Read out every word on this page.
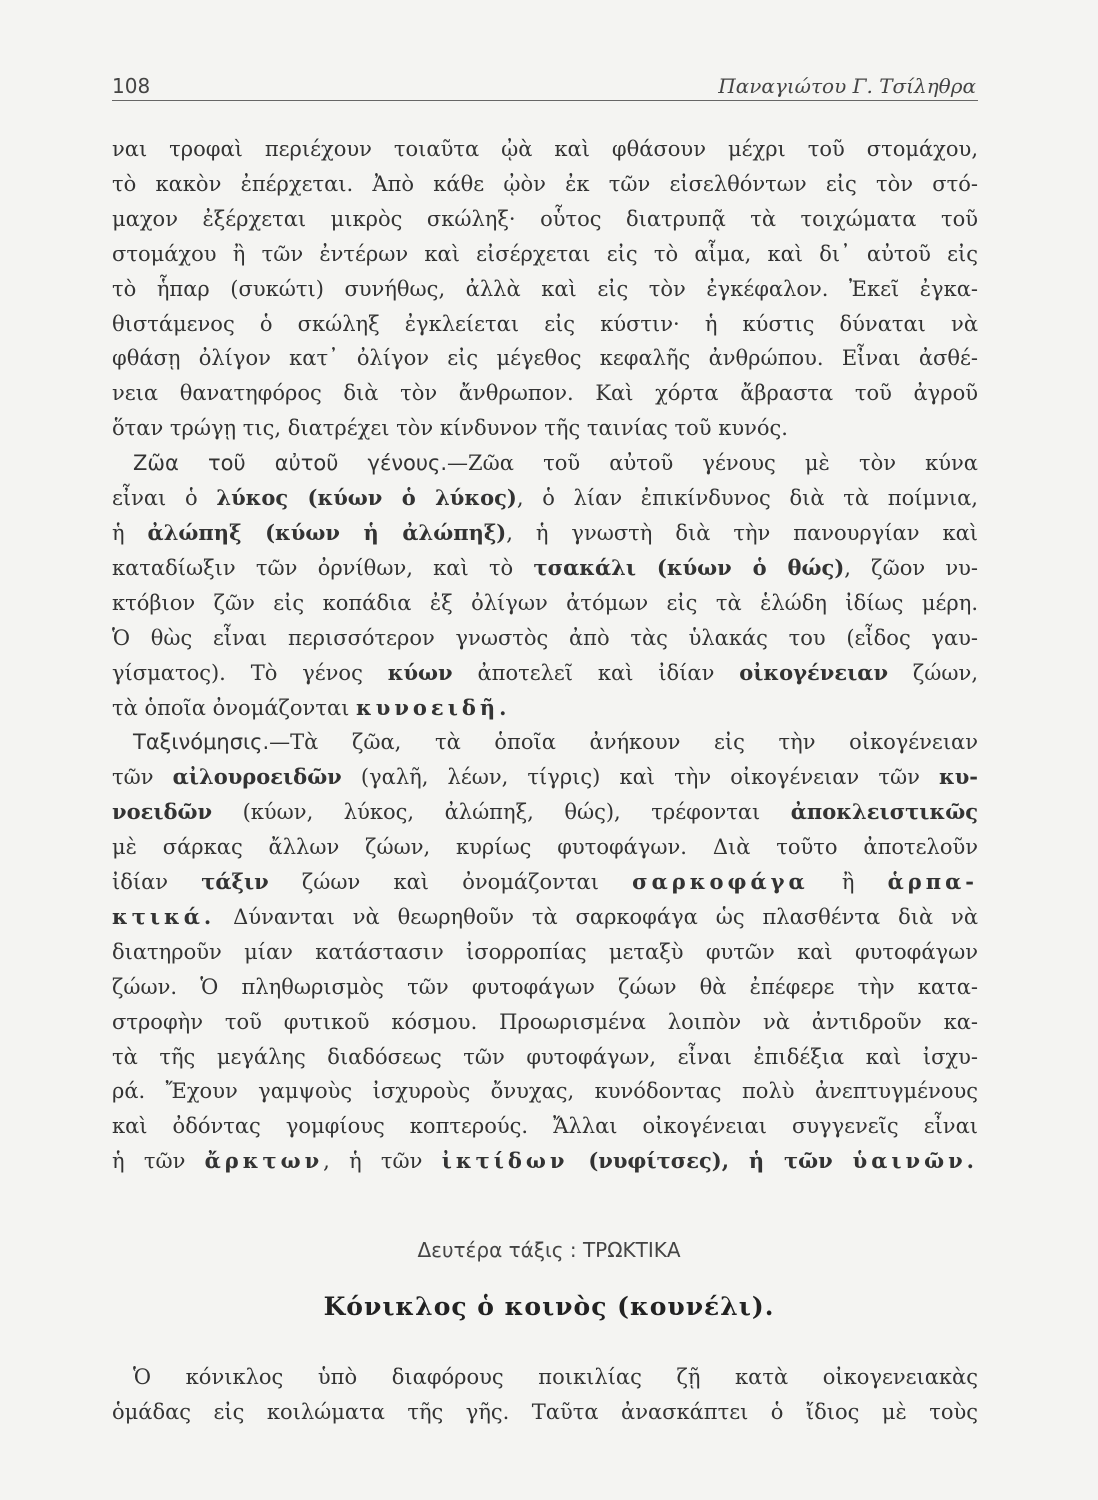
108	Παναγιώτου Γ. Τσίληθρα

ναι τροφαὶ περιέχουν τοιαῦτα ᾠὰ καὶ φθάσουν μέχρι τοῦ στομάχου,
τὸ κακὸν ἐπέρχεται. Ἀπὸ κάθε ᾠὸν ἐκ τῶν εἰσελθόντων εἰς τὸν στό-
μαχον ἐξέρχεται μικρὸς σκώληξ· οὗτος διατρυπᾷ τὰ τοιχώματα τοῦ
στομάχου ἢ τῶν ἐντέρων καὶ εἰσέρχεται εἰς τὸ αἷμα, καὶ δι᾿ αὐτοῦ εἰς
τὸ ἧπαρ (συκώτι) συνήθως, ἀλλὰ καὶ εἰς τὸν ἐγκέφαλον. Ἐκεῖ ἐγκα-
θιστάμενος ὁ σκώληξ ἐγκλείεται εἰς κύστιν· ἡ κύστις δύναται νὰ
φθάσῃ ὀλίγον κατ᾿ ὀλίγον εἰς μέγεθος κεφαλῆς ἀνθρώπου. Εἶναι ἀσθέ-
νεια θανατηφόρος διὰ τὸν ἄνθρωπον. Καὶ χόρτα ἄβραστα τοῦ ἀγροῦ
ὅταν τρώγῃ τις, διατρέχει τὸν κίνδυνον τῆς ταινίας τοῦ κυνός.

 Ζῶα τοῦ αὐτοῦ γένους.—Ζῶα τοῦ αὐτοῦ γένους μὲ τὸν κύνα
εἶναι ὁ λύκος (κύων ὁ λύκος), ὁ λίαν ἐπικίνδυνος διὰ τὰ ποίμνια,
ἡ ἀλώπηξ (κύων ἡ ἀλώπηξ), ἡ γνωστὴ διὰ τὴν πανουργίαν καὶ
καταδίωξιν τῶν ὀρνίθων, καὶ τὸ τσακάλι (κύων ὁ θώς), ζῶον νυ-
κτόβιον ζῶν εἰς κοπάδια ἐξ ὀλίγων ἀτόμων εἰς τὰ ἑλώδη ἰδίως μέρη.
Ὁ θὼς εἶναι περισσότερον γνωστὸς ἀπὸ τὰς ὑλακάς του (εἶδος γαυ-
γίσματος). Τὸ γένος κύων ἀποτελεῖ καὶ ἰδίαν οἰκογένειαν ζώων,
τὰ ὁποῖα ὀνομάζονται κυνοειδῆ.

 Ταξινόμησις.—Τὰ ζῶα, τὰ ὁποῖα ἀνήκουν εἰς τὴν οἰκογένειαν
τῶν αἰλουροειδῶν (γαλῆ, λέων, τίγρις) καὶ τὴν οἰκογένειαν τῶν κυ-
νοειδῶν (κύων, λύκος, ἀλώπηξ, θώς), τρέφονται ἀποκλειστικῶς
μὲ σάρκας ἄλλων ζώων, κυρίως φυτοφάγων. Διὰ τοῦτο ἀποτελοῦν
ἰδίαν τάξιν ζώων καὶ ὀνομάζονται σαρκοφάγα ἢ ἁρπα-
κτικά. Δύνανται νὰ θεωρηθοῦν τὰ σαρκοφάγα ὡς πλασθέντα διὰ νὰ
διατηροῦν μίαν κατάστασιν ἰσορροπίας μεταξὺ φυτῶν καὶ φυτοφάγων
ζώων. Ὁ πληθωρισμὸς τῶν φυτοφάγων ζώων θὰ ἐπέφερε τὴν κατα-
στροφὴν τοῦ φυτικοῦ κόσμου. Προωρισμένα λοιπὸν νὰ ἀντιδροῦν κα-
τὰ τῆς μεγάλης διαδόσεως τῶν φυτοφάγων, εἶναι ἐπιδέξια καὶ ἰσχυ-
ρά. Ἔχουν γαμψοὺς ἰσχυροὺς ὄνυχας, κυνόδοντας πολὺ ἀνεπτυγμένους
καὶ ὀδόντας γομφίους κοπτερούς. Ἄλλαι οἰκογένειαι συγγενεῖς εἶναι
ἡ τῶν ἄρκτων, ἡ τῶν ἰκτίδων (νυφίτσες), ἡ τῶν ὑαινῶν.

Δευτέρα τάξις : ΤΡΩΚΤΙΚΑ
Κόνικλος ὁ κοινὸς (κουνέλι).
 Ὁ κόνικλος ὑπὸ διαφόρους ποικιλίας ζῇ κατὰ οἰκογενειακὰς
ὁμάδας εἰς κοιλώματα τῆς γῆς. Ταῦτα ἀνασκάπτει ὁ ἴδιος μὲ τοὺς
